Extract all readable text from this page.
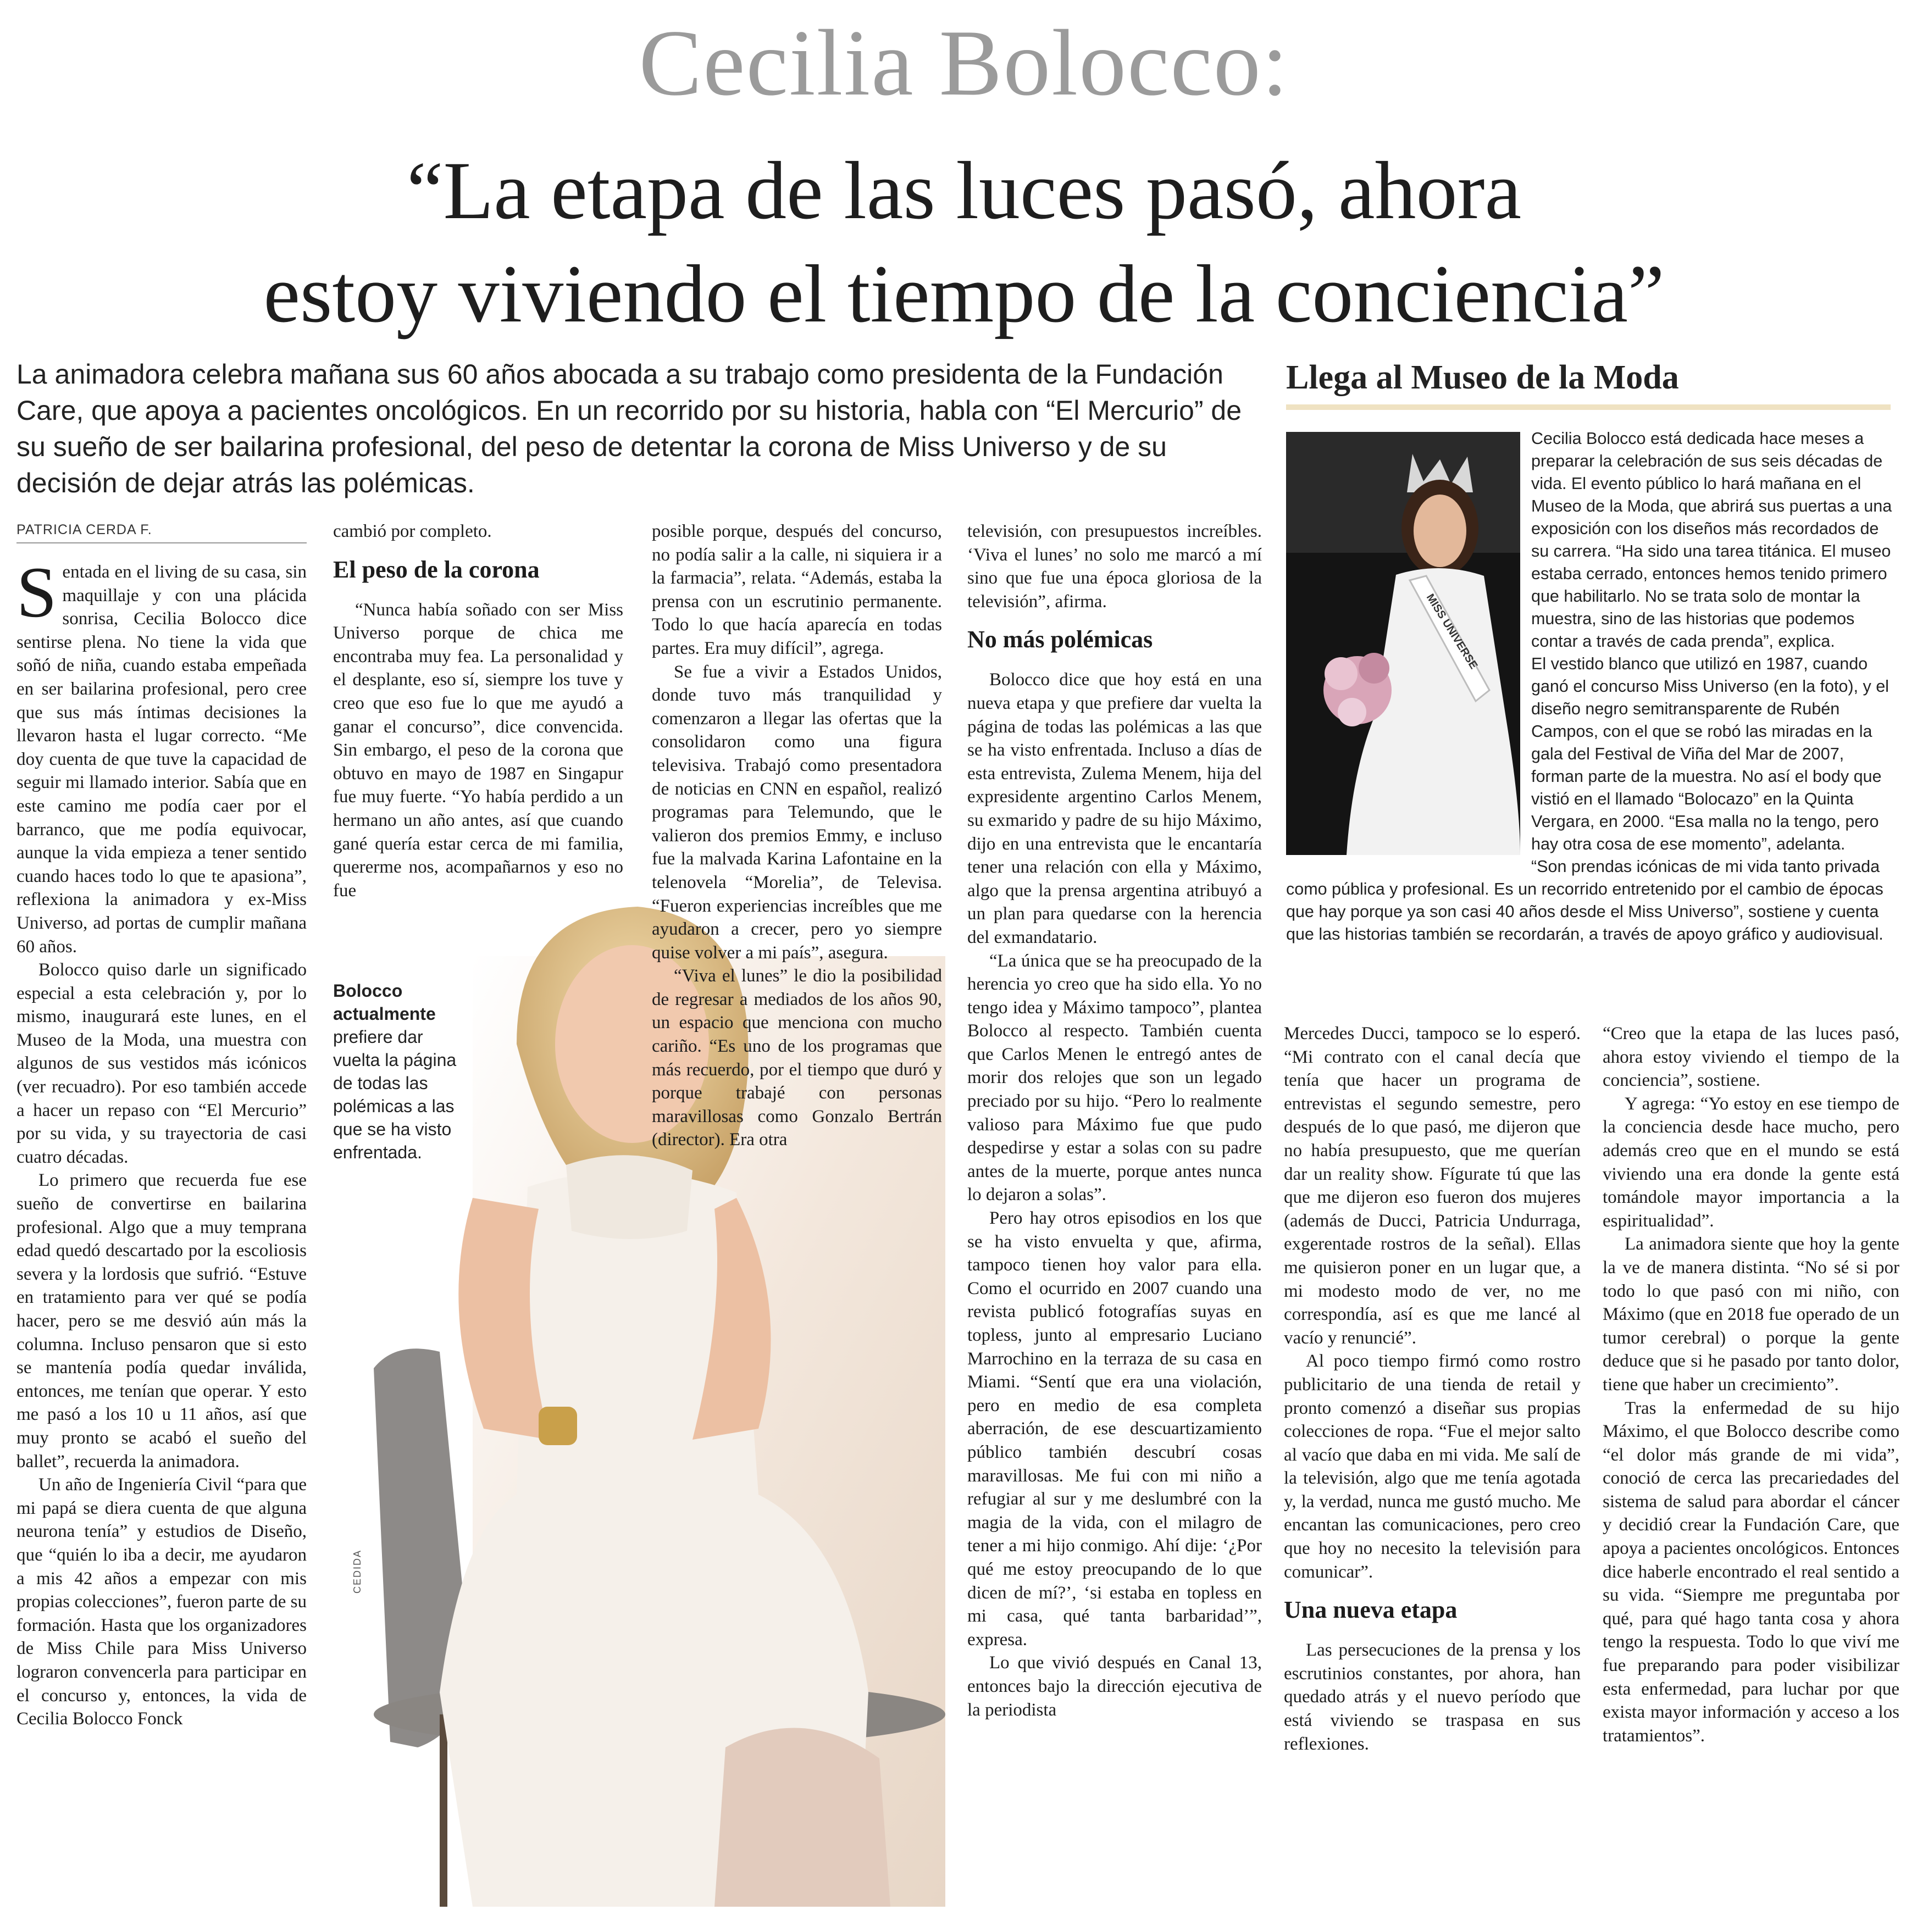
Cecilia Bolocco:
“La etapa de las luces pasó, ahora
estoy viviendo el tiempo de la conciencia”
La animadora celebra mañana sus 60 años abocada a su trabajo como presidenta de la Fundación Care, que apoya a pacientes oncológicos. En un recorrido por su historia, habla con “El Mercurio” de su sueño de ser bailarina profesional, del peso de detentar la corona de Miss Universo y de su decisión de dejar atrás las polémicas.
PATRICIA CERDA F.

Sentada en el living de su casa, sin maquillaje y con una plácida sonrisa, Cecilia Bolocco dice sentirse plena. No tiene la vida que soñó de niña, cuando estaba empeñada en ser bailarina profesional, pero cree que sus más íntimas decisiones la llevaron hasta el lugar correcto. “Me doy cuenta de que tuve la capacidad de seguir mi llamado interior. Sabía que en este camino me podía caer por el barranco, que me podía equivocar, aunque la vida empieza a tener sentido cuando haces todo lo que te apasiona”, reflexiona la animadora y ex-Miss Universo, ad portas de cumplir mañana 60 años.

Bolocco quiso darle un significado especial a esta celebración y, por lo mismo, inaugurará este lunes, en el Museo de la Moda, una muestra con algunos de sus vestidos más icónicos (ver recuadro). Por eso también accede a hacer un repaso con “El Mercurio” por su vida, y su trayectoria de casi cuatro décadas.

Lo primero que recuerda fue ese sueño de convertirse en bailarina profesional. Algo que a muy temprana edad quedó descartado por la escoliosis severa y la lordosis que sufrió. “Estuve en tratamiento para ver qué se podía hacer, pero se me desvió aún más la columna. Incluso pensaron que si esto se mantenía podía quedar inválida, entonces, me tenían que operar. Y esto me pasó a los 10 u 11 años, así que muy pronto se acabó el sueño del ballet”, recuerda la animadora.

Un año de Ingeniería Civil “para que mi papá se diera cuenta de que alguna neurona tenía” y estudios de Diseño, que “quién lo iba a decir, me ayudaron a mis 42 años a empezar con mis propias colecciones”, fueron parte de su formación. Hasta que los organizadores de Miss Chile para Miss Universo lograron convencerla para participar en el concurso y, entonces, la vida de Cecilia Bolocco Fonck

CEDIDA

cambió por completo.

El peso de la corona

“Nunca había soñado con ser Miss Universo porque de chica me encontraba muy fea. La personalidad y el desplante, eso sí, siempre los tuve y creo que eso fue lo que me ayudó a ganar el concurso”, dice convencida. Sin embargo, el peso de la corona que obtuvo en mayo de 1987 en Singapur fue muy fuerte. “Yo había perdido a un hermano un año antes, así que cuando gané quería estar cerca de mi familia, quererme nos, acompañarnos y eso no fue

Bolocco actualmente
prefiere dar vuelta la página de todas las polémicas a las que se ha visto enfrentada.

posible porque, después del concurso, no podía salir a la calle, ni siquiera ir a la farmacia”, relata. “Además, estaba la prensa con un escrutinio permanente. Todo lo que hacía aparecía en todas partes. Era muy difícil”, agrega.

Se fue a vivir a Estados Unidos, donde tuvo más tranquilidad y comenzaron a llegar las ofertas que la consolidaron como una figura televisiva. Trabajó como presentadora de noticias en CNN en español, realizó programas para Telemundo, que le valieron dos premios Emmy, e incluso fue la malvada Karina Lafontaine en la telenovela “Morelia”, de Televisa. “Fueron experiencias increíbles que me ayudaron a crecer, pero yo siempre quise volver a mi país”, asegura.

“Viva el lunes” le dio la posibilidad de regresar a mediados de los años 90, un espacio que menciona con mucho cariño. “Es uno de los programas que más recuerdo, por el tiempo que duró y porque trabajé con personas maravillosas como Gonzalo Bertrán (director). Era otra

televisión, con presupuestos increíbles. ‘Viva el lunes’ no solo me marcó a mí sino que fue una época gloriosa de la televisión”, afirma.

No más polémicas

Bolocco dice que hoy está en una nueva etapa y que prefiere dar vuelta la página de todas las polémicas a las que se ha visto enfrentada. Incluso a días de esta entrevista, Zulema Menem, hija del expresidente argentino Carlos Menem, su exmarido y padre de su hijo Máximo, dijo en una entrevista que le encantaría tener una relación con ella y Máximo, algo que la prensa argentina atribuyó a un plan para quedarse con la herencia del exmandatario.

“La única que se ha preocupado de la herencia yo creo que ha sido ella. Yo no tengo idea y Máximo tampoco”, plantea Bolocco al respecto. También cuenta que Carlos Menen le entregó antes de morir dos relojes que son un legado preciado por su hijo. “Pero lo realmente valioso para Máximo fue que pudo despedirse y estar a solas con su padre antes de la muerte, porque antes nunca lo dejaron a solas”.

Pero hay otros episodios en los que se ha visto envuelta y que, afirma, tampoco tienen hoy valor para ella. Como el ocurrido en 2007 cuando una revista publicó fotografías suyas en topless, junto al empresario Luciano Marrochino en la terraza de su casa en Miami. “Sentí que era una violación, pero en medio de esa completa aberración, de ese descuartizamiento público también descubrí cosas maravillosas. Me fui con mi niño a refugiar al sur y me deslumbré con la magia de la vida, con el milagro de tener a mi hijo conmigo. Ahí dije: ‘¿Por qué me estoy preocupando de lo que dicen de mí?’, ‘si estaba en topless en mi casa, qué tanta barbaridad’”, expresa.

Lo que vivió después en Canal 13, entonces bajo la dirección ejecutiva de la periodista

Llega al Museo de la Moda
MISS UNIVERSE

Cecilia Bolocco está dedicada hace meses a preparar la celebración de sus seis décadas de vida. El evento público lo hará mañana en el Museo de la Moda, que abrirá sus puertas a una exposición con los diseños más recordados de su carrera. “Ha sido una tarea titánica. El museo estaba cerrado, entonces hemos tenido primero que habilitarlo. No se trata solo de montar la muestra, sino de las historias que podemos contar a través de cada prenda”, explica.

El vestido blanco que utilizó en 1987, cuando ganó el concurso Miss Universo (en la foto), y el diseño negro semitransparente de Rubén Campos, con el que se robó las miradas en la gala del Festival de Viña del Mar de 2007, forman parte de la muestra. No así el body que vistió en el llamado “Bolocazo” en la Quinta Vergara, en 2000. “Esa malla no la tengo, pero hay otra cosa de ese momento”, adelanta.

“Son prendas icónicas de mi vida tanto privada como pública y profesional. Es un recorrido entretenido por el cambio de épocas que hay porque ya son casi 40 años desde el Miss Universo”, sostiene y cuenta que las historias también se recordarán, a través de apoyo gráfico y audiovisual.

Mercedes Ducci, tampoco se lo esperó. “Mi contrato con el canal decía que tenía que hacer un programa de entrevistas el segundo semestre, pero después de lo que pasó, me dijeron que no había presupuesto, que me querían dar un reality show. Fígurate tú que las que me dijeron eso fueron dos mujeres (además de Ducci, Patricia Undurraga, exgerentade rostros de la señal). Ellas me quisieron poner en un lugar que, a mi modesto modo de ver, no me correspondía, así es que me lancé al vacío y renuncié”.

Al poco tiempo firmó como rostro publicitario de una tienda de retail y pronto comenzó a diseñar sus propias colecciones de ropa. “Fue el mejor salto al vacío que daba en mi vida. Me salí de la televisión, algo que me tenía agotada y, la verdad, nunca me gustó mucho. Me encantan las comunicaciones, pero creo que hoy no necesito la televisión para comunicar”.

Una nueva etapa

Las persecuciones de la prensa y los escrutinios constantes, por ahora, han quedado atrás y el nuevo período que está viviendo se traspasa en sus reflexiones.

“Creo que la etapa de las luces pasó, ahora estoy viviendo el tiempo de la conciencia”, sostiene.

Y agrega: “Yo estoy en ese tiempo de la conciencia desde hace mucho, pero además creo que en el mundo se está viviendo una era donde la gente está tomándole mayor importancia a la espiritualidad”.

La animadora siente que hoy la gente la ve de manera distinta. “No sé si por todo lo que pasó con mi niño, con Máximo (que en 2018 fue operado de un tumor cerebral) o porque la gente deduce que si he pasado por tanto dolor, tiene que haber un crecimiento”.

Tras la enfermedad de su hijo Máximo, el que Bolocco describe como “el dolor más grande de mi vida”, conoció de cerca las precariedades del sistema de salud para abordar el cáncer y decidió crear la Fundación Care, que apoya a pacientes oncológicos. Entonces dice haberle encontrado el real sentido a su vida. “Siempre me preguntaba por qué, para qué hago tanta cosa y ahora tengo la respuesta. Todo lo que viví me fue preparando para poder visibilizar esta enfermedad, para luchar por que exista mayor información y acceso a los tratamientos”.
